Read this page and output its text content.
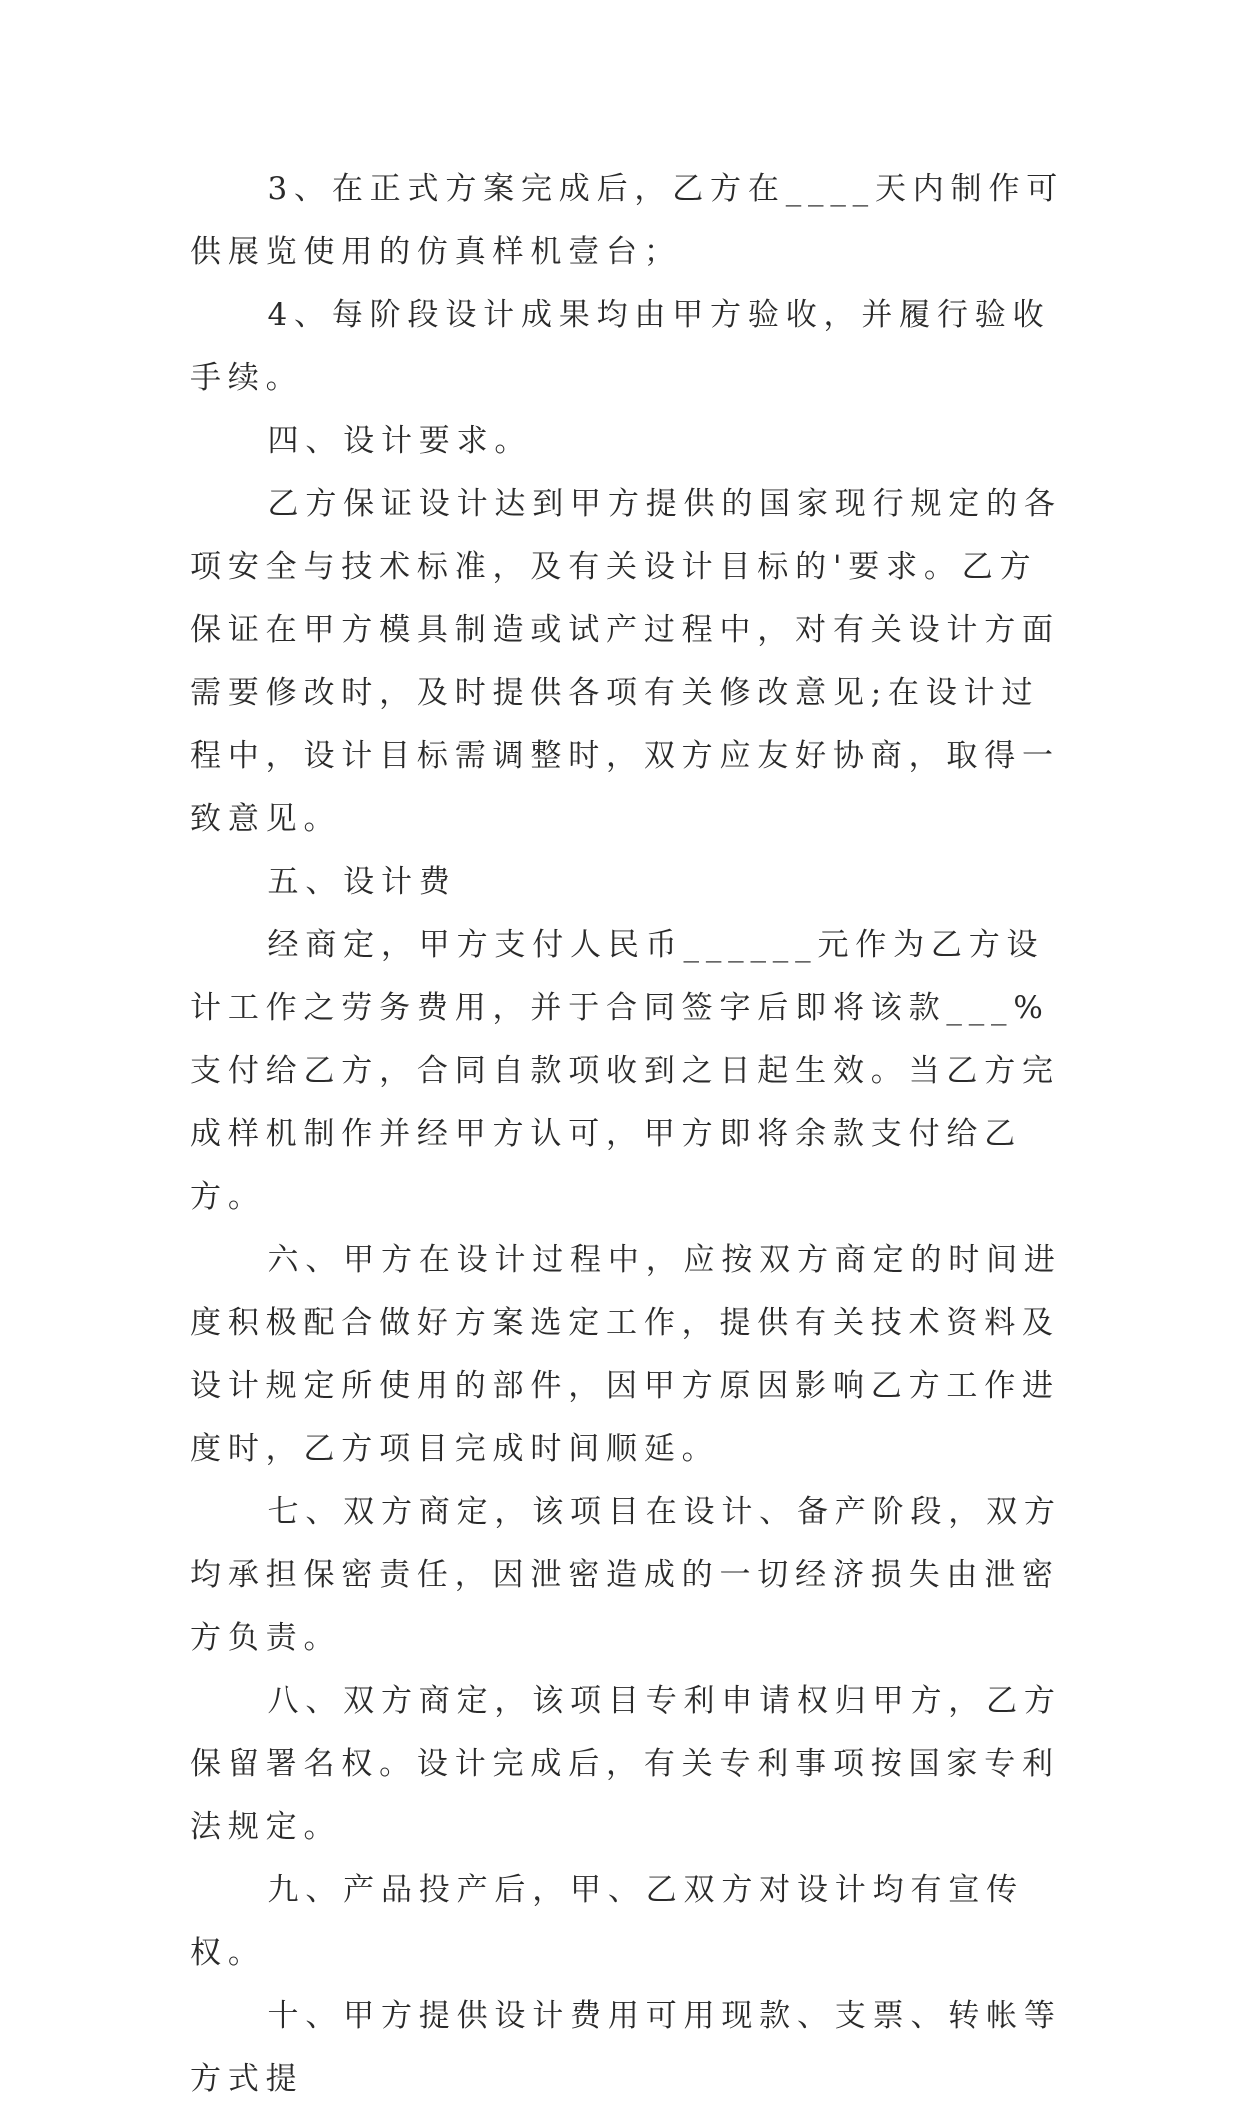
3、在正式方案完成后，乙方在____天内制作可供展览使用的仿真样机壹台；

4、每阶段设计成果均由甲方验收，并履行验收手续。

四、设计要求。

乙方保证设计达到甲方提供的国家现行规定的各项安全与技术标准，及有关设计目标的'要求。乙方保证在甲方模具制造或试产过程中，对有关设计方面需要修改时，及时提供各项有关修改意见;在设计过程中，设计目标需调整时，双方应友好协商，取得一致意见。

五、设计费

经商定，甲方支付人民币______元作为乙方设计工作之劳务费用，并于合同签字后即将该款___%支付给乙方，合同自款项收到之日起生效。当乙方完成样机制作并经甲方认可，甲方即将余款支付给乙方。

六、甲方在设计过程中，应按双方商定的时间进度积极配合做好方案选定工作，提供有关技术资料及设计规定所使用的部件，因甲方原因影响乙方工作进度时，乙方项目完成时间顺延。

七、双方商定，该项目在设计、备产阶段，双方均承担保密责任，因泄密造成的一切经济损失由泄密方负责。

八、双方商定，该项目专利申请权归甲方，乙方保留署名权。设计完成后，有关专利事项按国家专利法规定。

九、产品投产后，甲、乙双方对设计均有宣传权。

十、甲方提供设计费用可用现款、支票、转帐等方式提
